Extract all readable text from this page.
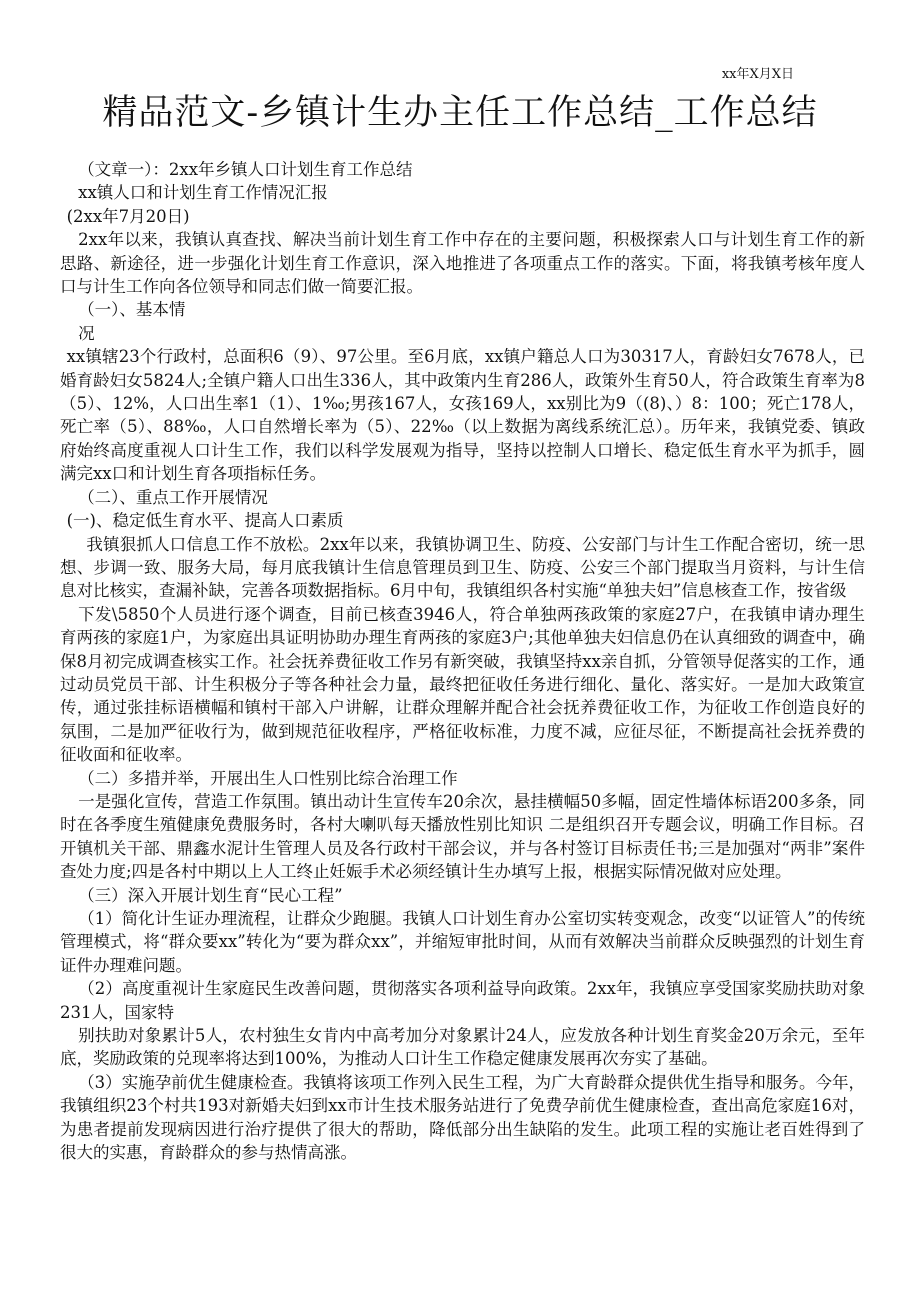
xx年X月X日
精品范文-乡镇计生办主任工作总结_工作总结

（文章一）：2xx年乡镇人口计划生育工作总结

xx镇人口和计划生育工作情况汇报

(2xx年7月20日)

2xx年以来，我镇认真查找、解决当前计划生育工作中存在的主要问题，积极探索人口与计划生育工作的新思路、新途径，进一步强化计划生育工作意识，深入地推进了各项重点工作的落实。下面，将我镇考核年度人口与计生工作向各位领导和同志们做一简要汇报。

（一）、基本情

况

xx镇辖23个行政村，总面积6（9）、97公里。至6月底，xx镇户籍总人口为30317人，育龄妇女7678人，已婚育龄妇女5824人;全镇户籍人口出生336人，其中政策内生育286人，政策外生育50人，符合政策生育率为8（5）、12%，人口出生率1（1）、1‰;男孩167人，女孩169人，xx别比为9（(8)、）8：100；死亡178人，死亡率（5）、88‰，人口自然增长率为（5）、22‰（以上数据为离线系统汇总）。历年来，我镇党委、镇政府始终高度重视人口计生工作，我们以科学发展观为指导，坚持以控制人口增长、稳定低生育水平为抓手，圆满完xx口和计划生育各项指标任务。

（二）、重点工作开展情况

(一)、稳定低生育水平、提高人口素质

我镇狠抓人口信息工作不放松。2xx年以来，我镇协调卫生、防疫、公安部门与计生工作配合密切，统一思想、步调一致、服务大局，每月底我镇计生信息管理员到卫生、防疫、公安三个部门提取当月资料，与计生信息对比核实，查漏补缺，完善各项数据指标。6月中旬，我镇组织各村实施“单独夫妇”信息核查工作，按省级

下发\5850个人员进行逐个调查，目前已核查3946人，符合单独两孩政策的家庭27户，在我镇申请办理生育两孩的家庭1户，为家庭出具证明协助办理生育两孩的家庭3户;其他单独夫妇信息仍在认真细致的调查中，确保8月初完成调查核实工作。社会抚养费征收工作另有新突破，我镇坚持xx亲自抓，分管领导促落实的工作，通过动员党员干部、计生积极分子等各种社会力量，最终把征收任务进行细化、量化、落实好。一是加大政策宣传，通过张挂标语横幅和镇村干部入户讲解，让群众理解并配合社会抚养费征收工作，为征收工作创造良好的氛围，二是加严征收行为，做到规范征收程序，严格征收标准，力度不减，应征尽征，不断提高社会抚养费的征收面和征收率。

（二）多措并举，开展出生人口性别比综合治理工作

一是强化宣传，营造工作氛围。镇出动计生宣传车20余次，悬挂横幅50多幅，固定性墙体标语200多条，同时在各季度生殖健康免费服务时，各村大喇叭每天播放性别比知识 二是组织召开专题会议，明确工作目标。召开镇机关干部、鼎鑫水泥计生管理人员及各行政村干部会议，并与各村签订目标责任书;三是加强对“两非”案件查处力度;四是各村中期以上人工终止妊娠手术必须经镇计生办填写上报，根据实际情况做对应处理。

（三）深入开展计划生育“民心工程”

（1）简化计生证办理流程，让群众少跑腿。我镇人口计划生育办公室切实转变观念，改变“以证管人”的传统管理模式，将“群众要xx”转化为“要为群众xx”，并缩短审批时间，从而有效解决当前群众反映强烈的计划生育证件办理难问题。

（2）高度重视计生家庭民生改善问题，贯彻落实各项利益导向政策。2xx年，我镇应享受国家奖励扶助对象231人，国家特

别扶助对象累计5人，农村独生女肯内中高考加分对象累计24人，应发放各种计划生育奖金20万余元，至年底，奖励政策的兑现率将达到100%，为推动人口计生工作稳定健康发展再次夯实了基础。

（3）实施孕前优生健康检查。我镇将该项工作列入民生工程，为广大育龄群众提供优生指导和服务。今年，我镇组织23个村共193对新婚夫妇到xx市计生技术服务站进行了免费孕前优生健康检查，查出高危家庭16对，为患者提前发现病因进行治疗提供了很大的帮助，降低部分出生缺陷的发生。此项工程的实施让老百姓得到了很大的实惠，育龄群众的参与热情高涨。
